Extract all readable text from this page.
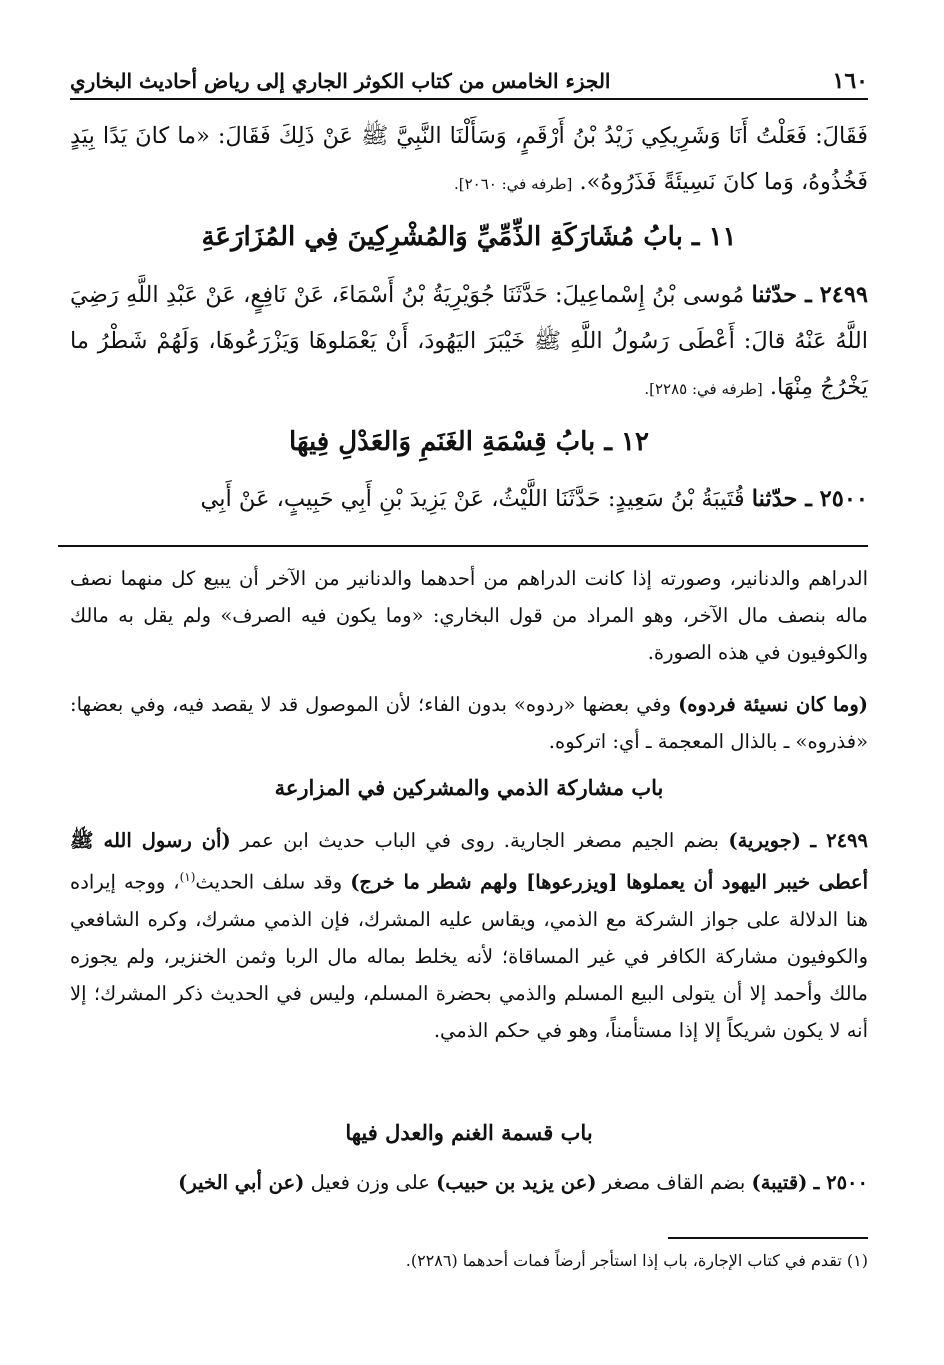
١٦٠
الجزء الخامس من كتاب الكوثر الجاري إلى رياض أحاديث البخاري
فَقَالَ: فَعَلْتُ أَنَا وَشَرِيكِي زَيْدُ بْنُ أَرْقَمٍ، وَسَأَلْنَا النَّبِيَّ ﷺ عَنْ ذَلِكَ فَقَالَ: «ما كانَ يَدًا بِيَدٍ فَخُذُوهُ، وَما كانَ نَسِيئَةً فَذَرُوهُ». [طرفه في: ٢٠٦٠].
١١ ـ بابُ مُشَارَكَةِ الذِّمِّيِّ وَالمُشْرِكِينَ فِي المُزَارَعَةِ
٢٤٩٩ ـ حدّثنا مُوسى بْنُ إِسْماعِيلَ: حَدَّثَنَا جُوَيْرِيَةُ بْنُ أَسْمَاءَ، عَنْ نَافِعٍ، عَنْ عَبْدِ اللَّهِ رَضِيَ اللَّهُ عَنْهُ قالَ: أَعْطَى رَسُولُ اللَّهِ ﷺ خَيْبَرَ اليَهُودَ، أَنْ يَعْمَلوهَا وَيَزْرَعُوهَا، وَلَهُمْ شَطْرُ ما يَخْرُجُ مِنْهَا. [طرفه في: ٢٢٨٥].
١٢ ـ بابُ قِسْمَةِ الغَنَمِ وَالعَدْلِ فِيهَا
٢٥٠٠ ـ حدّثنا قُتَيبَةُ بْنُ سَعِيدٍ: حَدَّثَنَا اللَّيْثُ، عَنْ يَزِيدَ بْنِ أَبِي حَبِيبٍ، عَنْ أَبِي
الدراهم والدنانير، وصورته إذا كانت الدراهم من أحدهما والدنانير من الآخر أن يبيع كل منهما نصف ماله بنصف مال الآخر، وهو المراد من قول البخاري: «وما يكون فيه الصرف» ولم يقل به مالك والكوفيون في هذه الصورة.
(وما كان نسيئة فردوه) وفي بعضها «ردوه» بدون الفاء؛ لأن الموصول قد لا يقصد فيه، وفي بعضها: «فذروه» ـ بالذال المعجمة ـ أي: اتركوه.
باب مشاركة الذمي والمشركين في المزارعة
٢٤٩٩ ـ (جويرية) بضم الجيم مصغر الجارية. روى في الباب حديث ابن عمر (أن رسول الله ﷺ أعطى خيبر اليهود أن يعملوها [ويزرعوها] ولهم شطر ما خرج) وقد سلف الحديث$^{(١)}$، ووجه إيراده هنا الدلالة على جواز الشركة مع الذمي، ويقاس عليه المشرك، فإن الذمي مشرك، وكره الشافعي والكوفيون مشاركة الكافر في غير المساقاة؛ لأنه يخلط بماله مال الربا وثمن الخنزير، ولم يجوزه مالك وأحمد إلا أن يتولى البيع المسلم والذمي بحضرة المسلم، وليس في الحديث ذكر المشرك؛ إلا أنه لا يكون شريكاً إلا إذا مستأمناً، وهو في حكم الذمي.
باب قسمة الغنم والعدل فيها
٢٥٠٠ ـ (قتيبة) بضم القاف مصغر (عن يزيد بن حبيب) على وزن فعيل (عن أبي الخير)
(١) تقدم في كتاب الإجارة، باب إذا استأجر أرضاً فمات أحدهما (٢٢٨٦).
